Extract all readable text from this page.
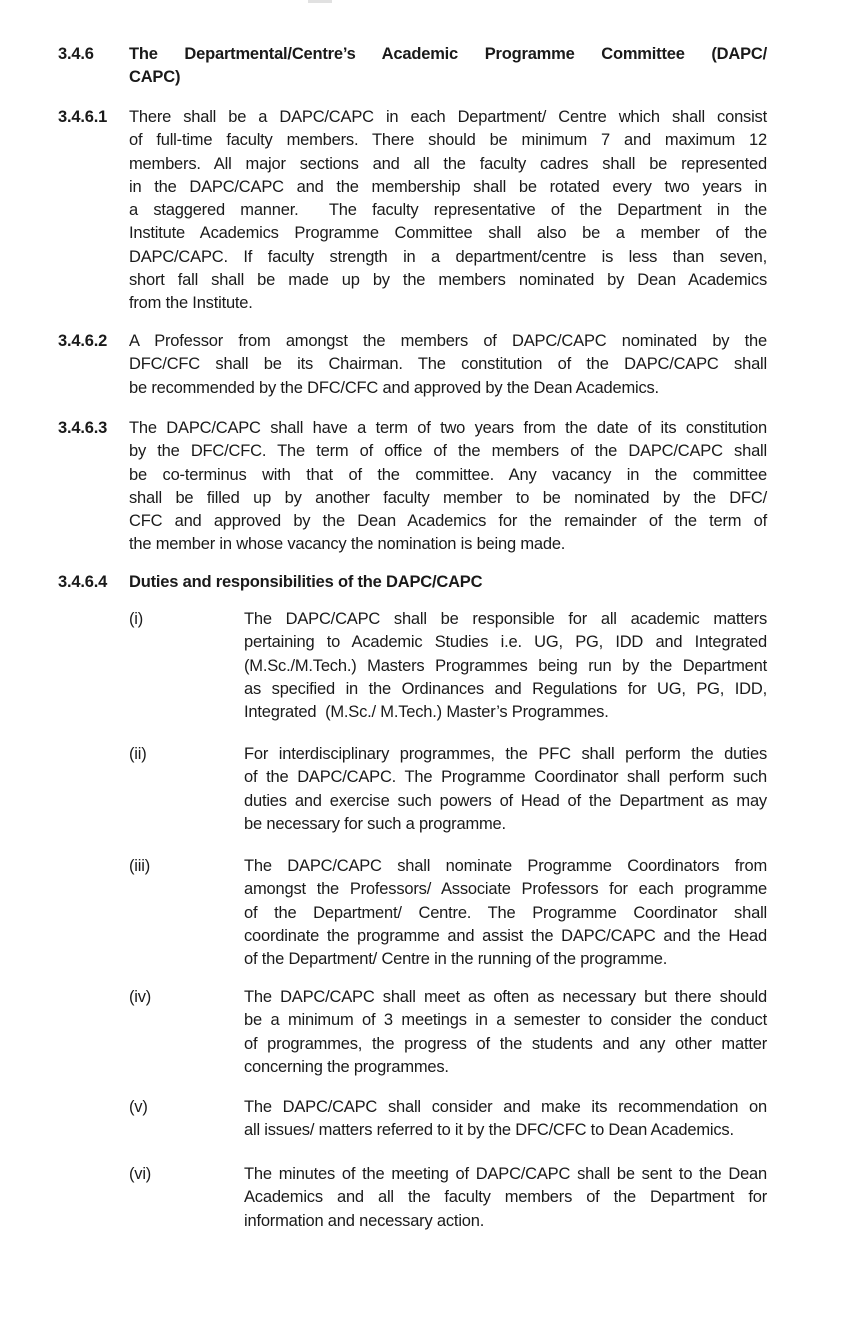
3.4.6 The Departmental/Centre’s Academic Programme Committee (DAPC/
CAPC)
3.4.6.1 There shall be a DAPC/CAPC in each Department/ Centre which shall consist
of full-time faculty members. There should be minimum 7 and maximum 12
members. All major sections and all the faculty cadres shall be represented
in the DAPC/CAPC and the membership shall be rotated every two years in
a staggered manner.  The faculty representative of the Department in the
Institute Academics Programme Committee shall also be a member of the
DAPC/CAPC. If faculty strength in a department/centre is less than seven,
short fall shall be made up by the members nominated by Dean Academics
from the Institute.
3.4.6.2 A Professor from amongst the members of DAPC/CAPC nominated by the
DFC/CFC shall be its Chairman. The constitution of the DAPC/CAPC shall
be recommended by the DFC/CFC and approved by the Dean Academics.
3.4.6.3 The DAPC/CAPC shall have a term of two years from the date of its constitution
by the DFC/CFC. The term of office of the members of the DAPC/CAPC shall
be co-terminus with that of the committee. Any vacancy in the committee
shall be filled up by another faculty member to be nominated by the DFC/
CFC and approved by the Dean Academics for the remainder of the term of
the member in whose vacancy the nomination is being made.
3.4.6.4 Duties and responsibilities of the DAPC/CAPC
(i)	The DAPC/CAPC shall be responsible for all academic matters
pertaining to Academic Studies i.e. UG, PG, IDD and Integrated
(M.Sc./M.Tech.) Masters Programmes being run by the Department
as specified in the Ordinances and Regulations for UG, PG, IDD,
Integrated  (M.Sc./ M.Tech.) Master’s Programmes.
(ii)	For interdisciplinary programmes, the PFC shall perform the duties
of the DAPC/CAPC. The Programme Coordinator shall perform such
duties and exercise such powers of Head of the Department as may
be necessary for such a programme.
(iii)	The DAPC/CAPC shall nominate Programme Coordinators from
amongst the Professors/ Associate Professors for each programme
of the Department/ Centre. The Programme Coordinator shall
coordinate the programme and assist the DAPC/CAPC and the Head
of the Department/ Centre in the running of the programme.
(iv)	The DAPC/CAPC shall meet as often as necessary but there should
be a minimum of 3 meetings in a semester to consider the conduct
of programmes, the progress of the students and any other matter
concerning the programmes.
(v)	The DAPC/CAPC shall consider and make its recommendation on
all issues/ matters referred to it by the DFC/CFC to Dean Academics.
(vi)	The minutes of the meeting of DAPC/CAPC shall be sent to the Dean
Academics and all the faculty members of the Department for
information and necessary action.
